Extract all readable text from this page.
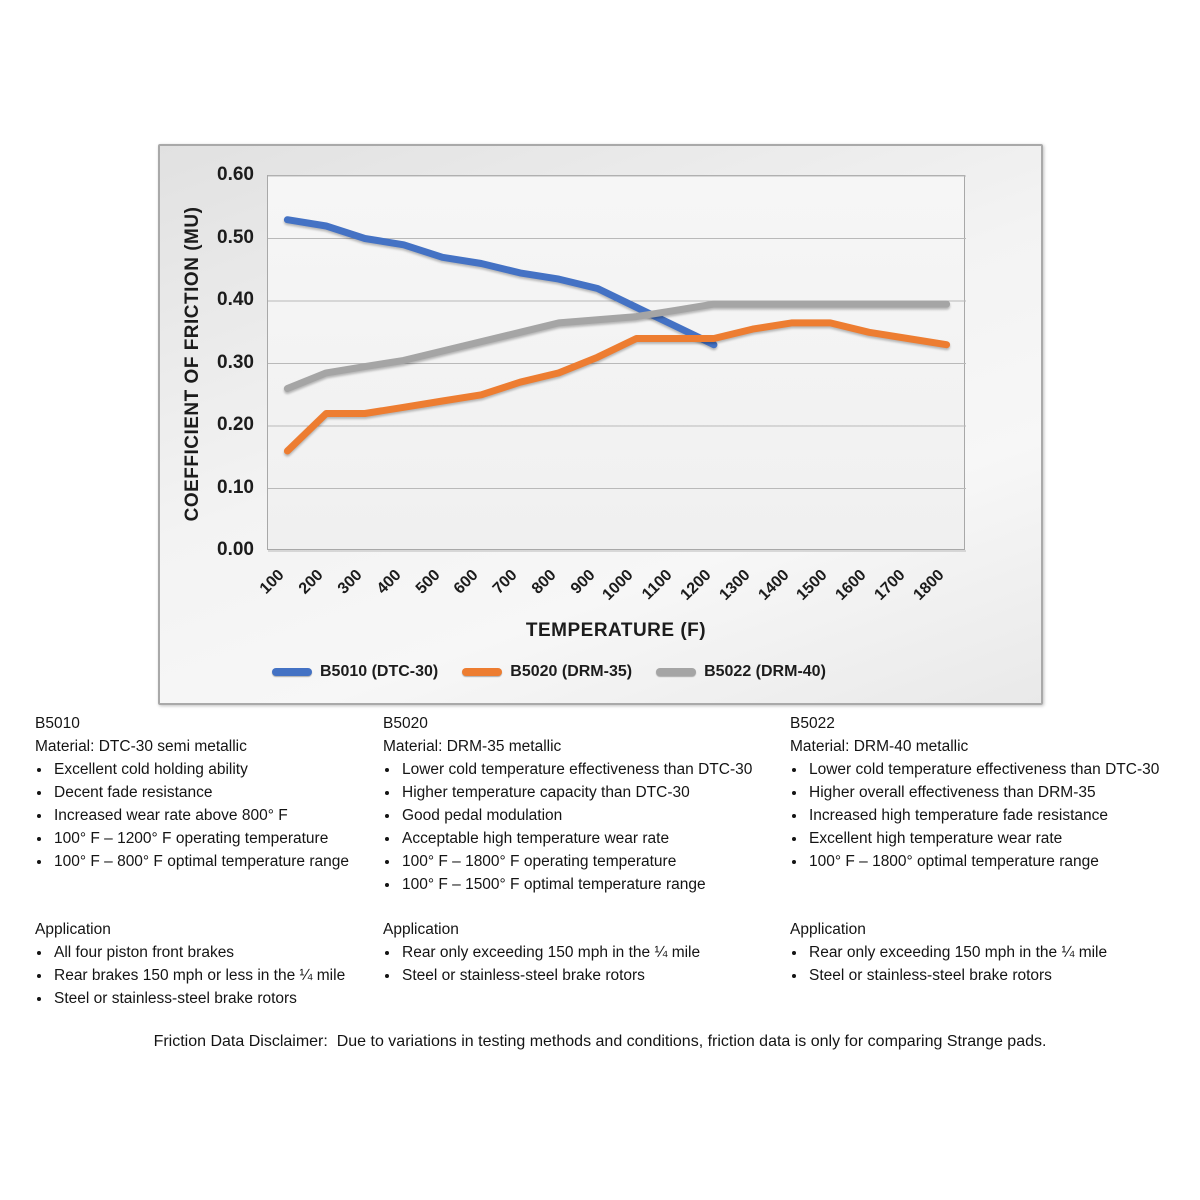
COEFFICIENT OF FRICTION (MU)
0.60
0.50
0.40
0.30
0.20
0.10
0.00
100 200 300 400 500 600 700 800 900 1000 1100 1200 1300 1400 1500 1600 1700 1800
TEMPERATURE (F)
B5010 (DTC-30)	B5020 (DRM-35)	B5022 (DRM-40)
B5010
Material: DTC-30 semi metallic
• Excellent cold holding ability
• Decent fade resistance
• Increased wear rate above 800° F
• 100° F – 1200° F operating temperature
• 100° F – 800° F optimal temperature range
Application
• All four piston front brakes
• Rear brakes 150 mph or less in the ¼ mile
• Steel or stainless-steel brake rotors
B5020
Material: DRM-35 metallic
• Lower cold temperature effectiveness than DTC-30
• Higher temperature capacity than DTC-30
• Good pedal modulation
• Acceptable high temperature wear rate
• 100° F – 1800° F operating temperature
• 100° F – 1500° F optimal temperature range
Application
• Rear only exceeding 150 mph in the ¼ mile
• Steel or stainless-steel brake rotors
B5022
Material: DRM-40 metallic
• Lower cold temperature effectiveness than DTC-30
• Higher overall effectiveness than DRM-35
• Increased high temperature fade resistance
• Excellent high temperature wear rate
• 100° F – 1800° optimal temperature range
Application
• Rear only exceeding 150 mph in the ¼ mile
• Steel or stainless-steel brake rotors
Friction Data Disclaimer:  Due to variations in testing methods and conditions, friction data is only for comparing Strange pads.
